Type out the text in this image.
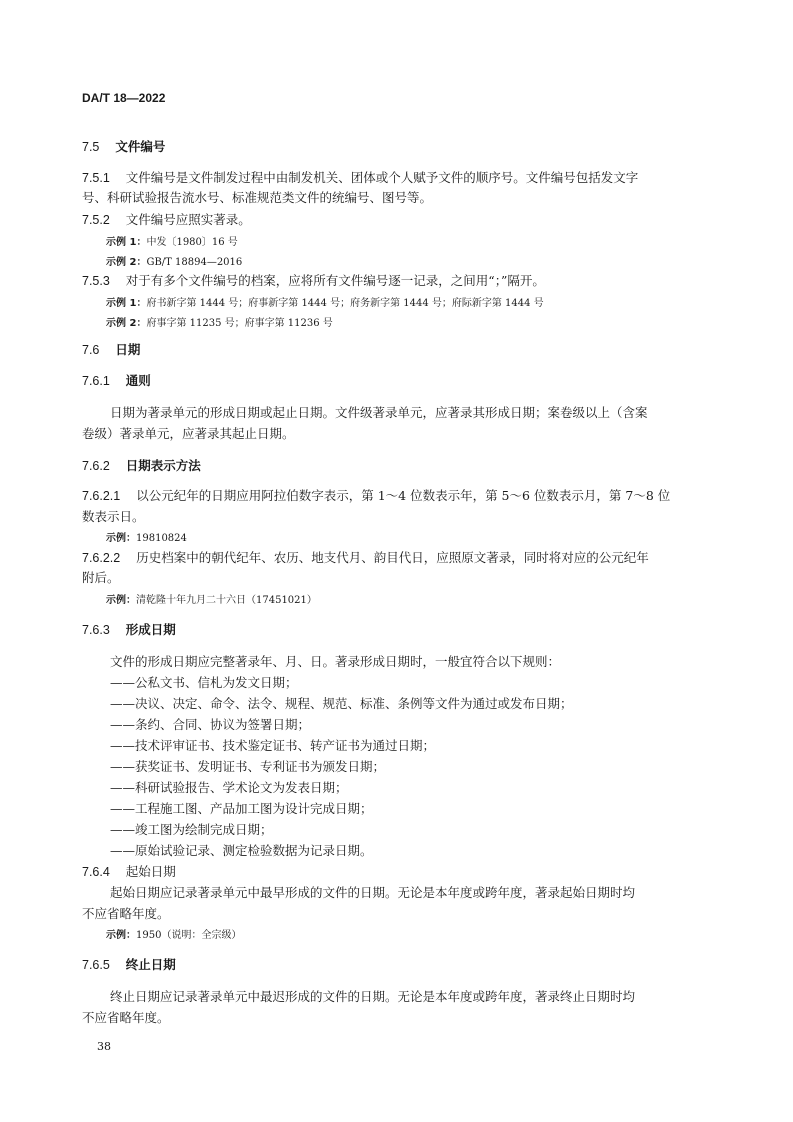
DA/T 18—2022
7.5 文件编号
7.5.1 文件编号是文件制发过程中由制发机关、团体或个人赋予文件的顺序号。文件编号包括发文字
号、科研试验报告流水号、标准规范类文件的统编号、图号等。
7.5.2 文件编号应照实著录。
示例 1：中发〔1980〕16 号
示例 2：GB/T 18894—2016
7.5.3 对于有多个文件编号的档案，应将所有文件编号逐一记录，之间用“；”隔开。
示例 1：府书新字第 1444 号；府事新字第 1444 号；府务新字第 1444 号；府际新字第 1444 号
示例 2：府事字第 11235 号；府事字第 11236 号
7.6 日期
7.6.1 通则
日期为著录单元的形成日期或起止日期。文件级著录单元，应著录其形成日期；案卷级以上（含案
卷级）著录单元，应著录其起止日期。
7.6.2 日期表示方法
7.6.2.1 以公元纪年的日期应用阿拉伯数字表示，第 1～4 位数表示年，第 5～6 位数表示月，第 7～8 位
数表示日。
示例：19810824
7.6.2.2 历史档案中的朝代纪年、农历、地支代月、韵目代日，应照原文著录，同时将对应的公元纪年
附后。
示例：清乾隆十年九月二十六日（17451021）
7.6.3 形成日期
文件的形成日期应完整著录年、月、日。著录形成日期时，一般宜符合以下规则：
——公私文书、信札为发文日期；
——决议、决定、命令、法令、规程、规范、标准、条例等文件为通过或发布日期；
——条约、合同、协议为签署日期；
——技术评审证书、技术鉴定证书、转产证书为通过日期；
——获奖证书、发明证书、专利证书为颁发日期；
——科研试验报告、学术论文为发表日期；
——工程施工图、产品加工图为设计完成日期；
——竣工图为绘制完成日期；
——原始试验记录、测定检验数据为记录日期。
7.6.4 起始日期
起始日期应记录著录单元中最早形成的文件的日期。无论是本年度或跨年度，著录起始日期时均
不应省略年度。
示例：1950（说明：全宗级）
7.6.5 终止日期
终止日期应记录著录单元中最迟形成的文件的日期。无论是本年度或跨年度，著录终止日期时均
不应省略年度。
38
